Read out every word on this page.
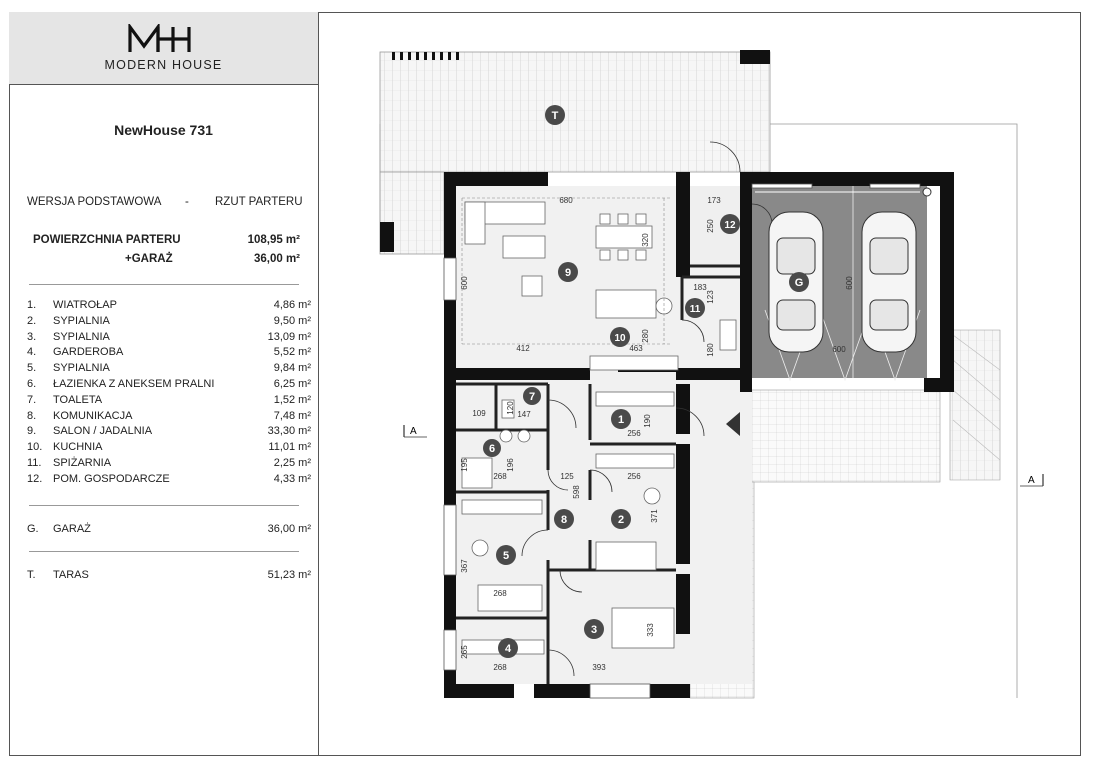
MODERN HOUSE
NewHouse 731
WERSJA PODSTAWOWA - RZUT PARTERU
POWIERZCHNIA PARTERU	108,95 m²
+GARAŻ	36,00 m²
1. WIATROŁAP	4,86 m²
2. SYPIALNIA	9,50 m²
3. SYPIALNIA	13,09 m²
4. GARDEROBA	5,52 m²
5. SYPIALNIA	9,84 m²
6. ŁAZIENKA Z ANEKSEM PRALNI	6,25 m²
7. TOALETA	1,52 m²
8. KOMUNIKACJA	7,48 m²
9. SALON / JADALNIA	33,30 m²
10. KUCHNIA	11,01 m²
11. SPIŻARNIA	2,25 m²
12. POM. GOSPODARCZE	4,33 m²
G. GARAŻ	36,00 m²
T. TARAS	51,23 m²
A
A
680
320
600
412	463
280
180
173
250
183
123
600
600
109	120 147	190
256
256
125
598
371
195	196
268
367
268
393
333
265
268
T
9
10
11
12
G
1
2
3
4
5
6
7
8
